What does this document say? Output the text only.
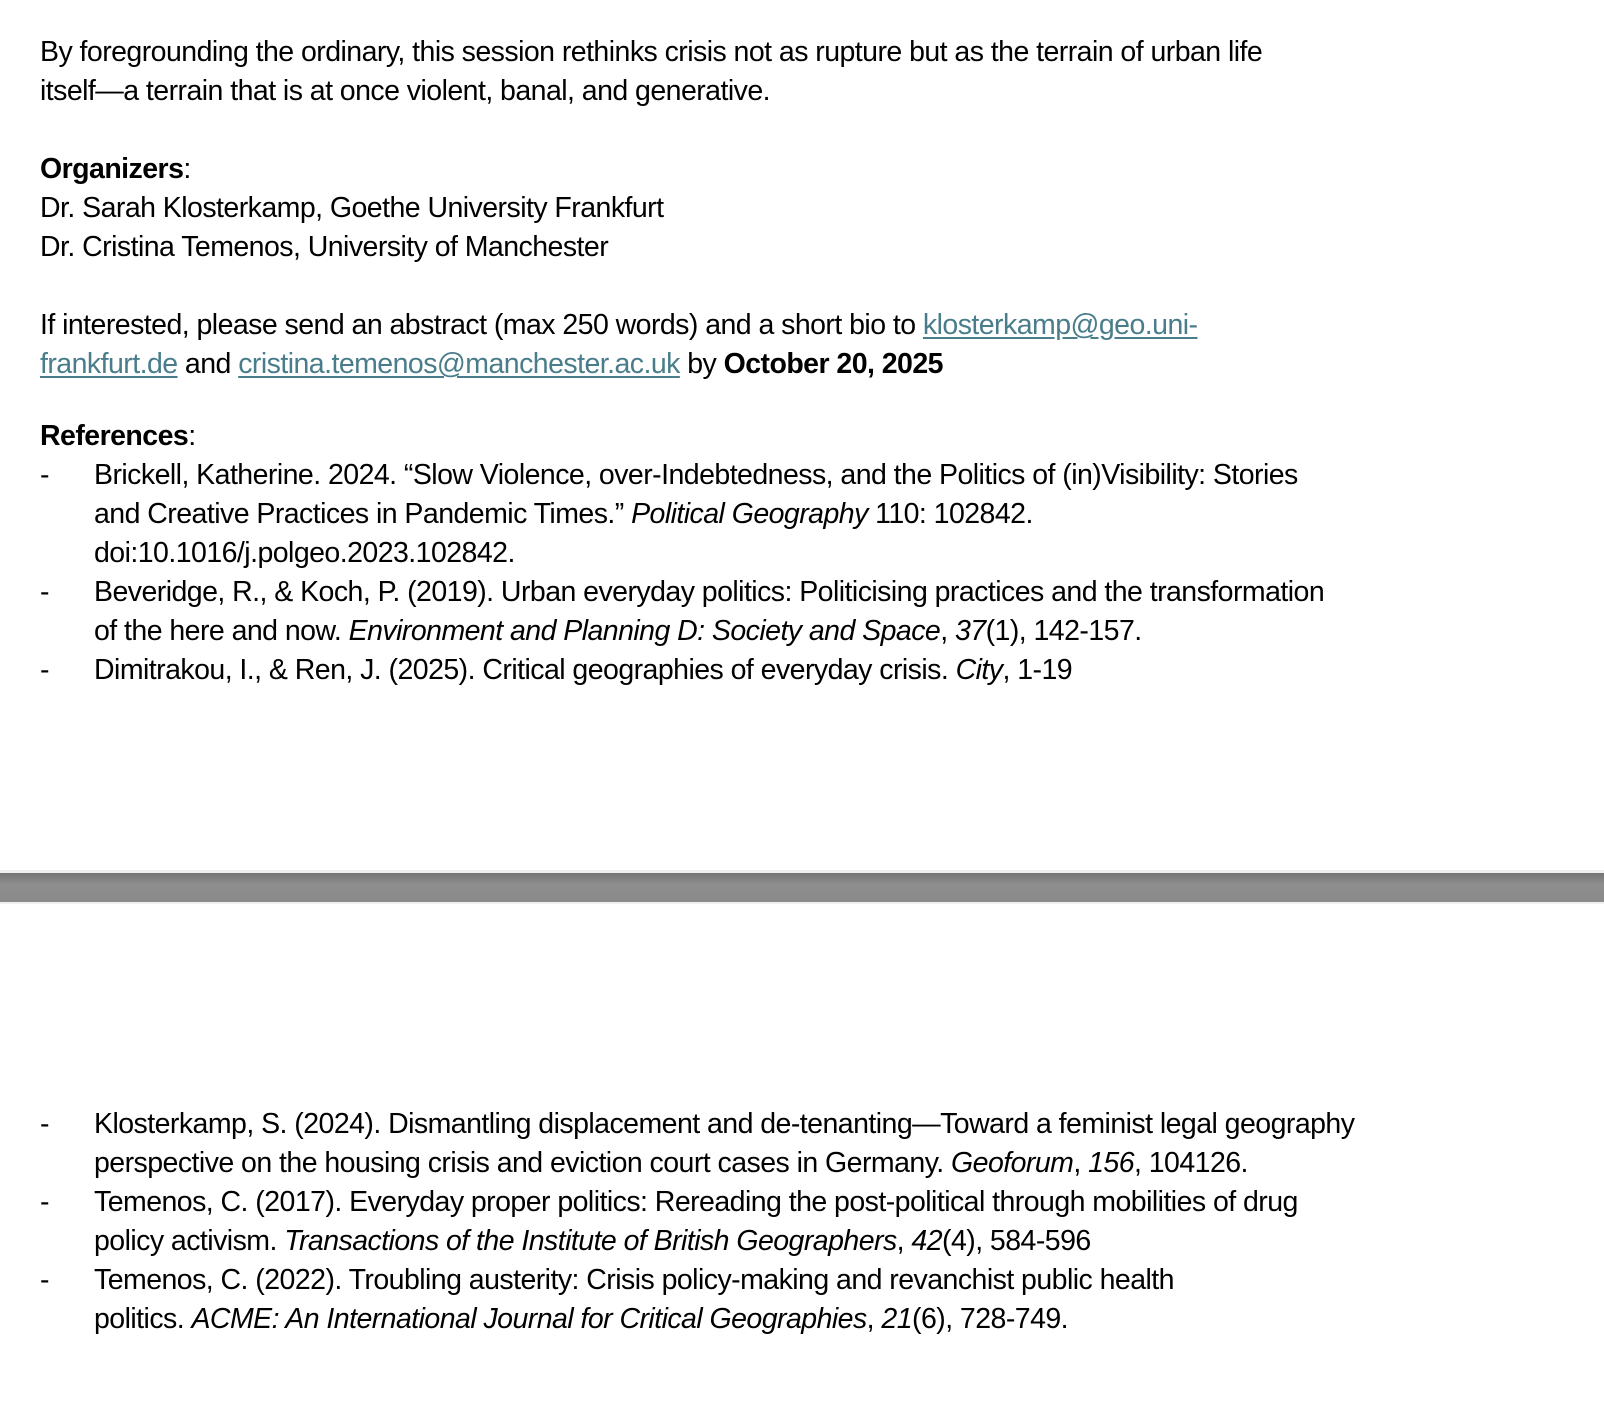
By foregrounding the ordinary, this session rethinks crisis not as rupture but as the terrain of urban life
itself—a terrain that is at once violent, banal, and generative.
Organizers:
Dr. Sarah Klosterkamp, Goethe University Frankfurt
Dr. Cristina Temenos, University of Manchester
If interested, please send an abstract (max 250 words) and a short bio to klosterkamp@geo.uni-
frankfurt.de and cristina.temenos@manchester.ac.uk by October 20, 2025
References:
- Brickell, Katherine. 2024. “Slow Violence, over-Indebtedness, and the Politics of (in)Visibility: Stories
and Creative Practices in Pandemic Times.” Political Geography 110: 102842.
doi:10.1016/j.polgeo.2023.102842.
- Beveridge, R., & Koch, P. (2019). Urban everyday politics: Politicising practices and the transformation
of the here and now. Environment and Planning D: Society and Space, 37(1), 142-157.
- Dimitrakou, I., & Ren, J. (2025). Critical geographies of everyday crisis. City, 1-19
- Klosterkamp, S. (2024). Dismantling displacement and de-tenanting—Toward a feminist legal geography
perspective on the housing crisis and eviction court cases in Germany. Geoforum, 156, 104126.
- Temenos, C. (2017). Everyday proper politics: Rereading the post-political through mobilities of drug
policy activism. Transactions of the Institute of British Geographers, 42(4), 584-596
- Temenos, C. (2022). Troubling austerity: Crisis policy-making and revanchist public health
politics. ACME: An International Journal for Critical Geographies, 21(6), 728-749.
